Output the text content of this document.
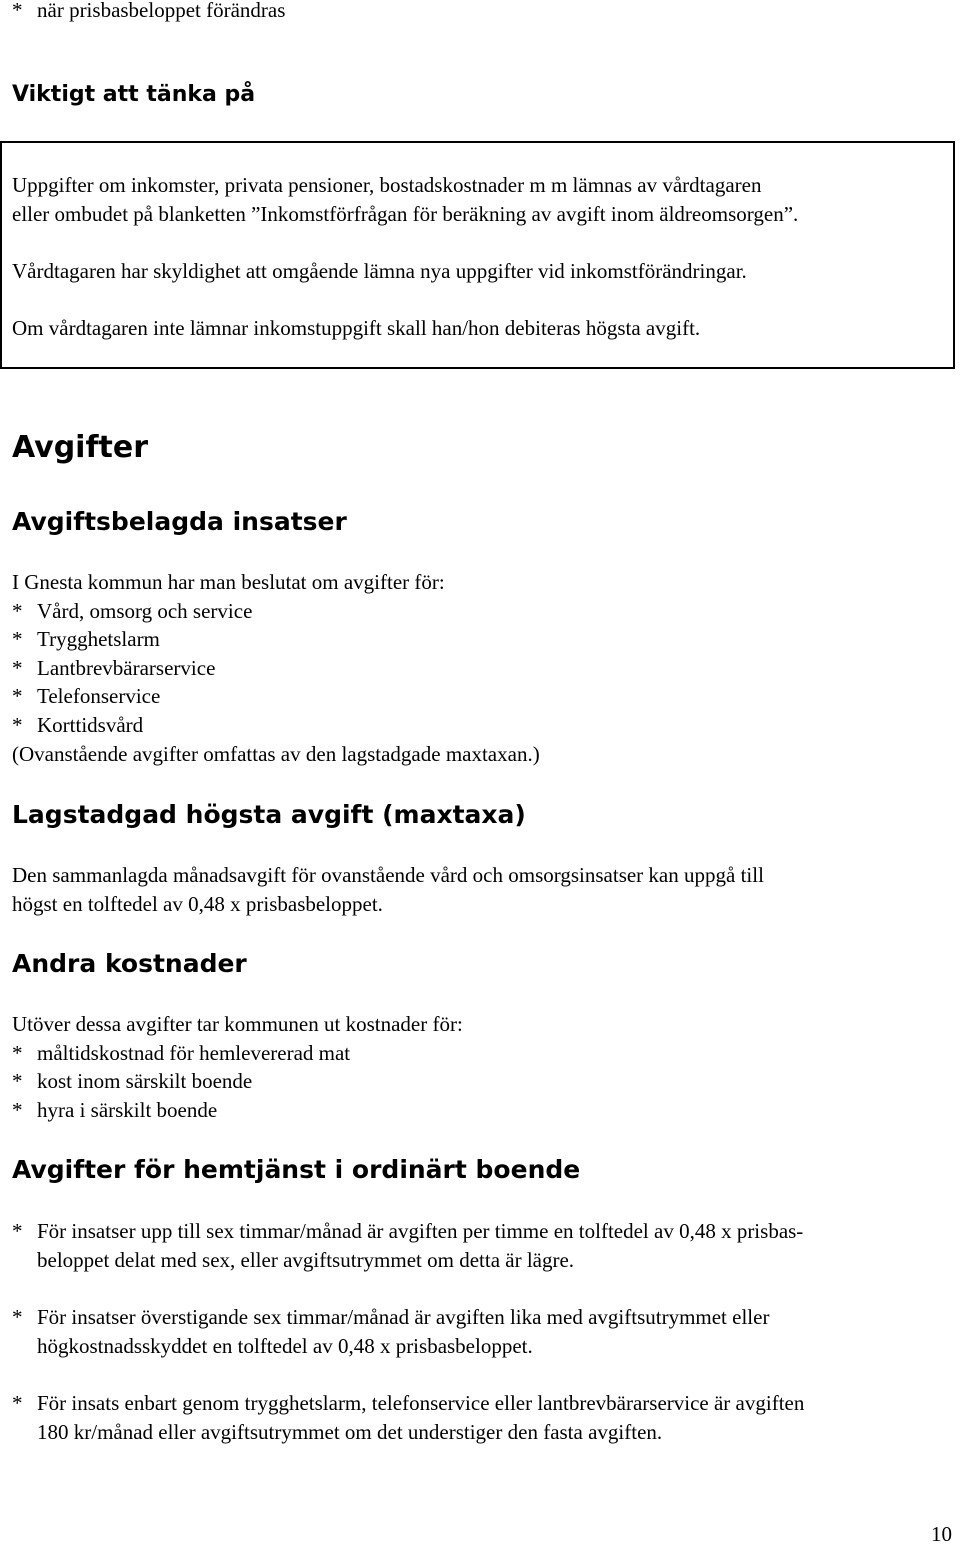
* när prisbasbeloppet förändras
Viktigt att tänka på
Uppgifter om inkomster, privata pensioner, bostadskostnader m m lämnas av vårdtagaren
eller ombudet på blanketten ”Inkomstförfrågan för beräkning av avgift inom äldreomsorgen”.
Vårdtagaren har skyldighet att omgående lämna nya uppgifter vid inkomstförändringar.
Om vårdtagaren inte lämnar inkomstuppgift skall han/hon debiteras högsta avgift.
Avgifter
Avgiftsbelagda insatser
I Gnesta kommun har man beslutat om avgifter för:
* Vård, omsorg och service
* Trygghetslarm
* Lantbrevbärarservice
* Telefonservice
* Korttidsvård
(Ovanstående avgifter omfattas av den lagstadgade maxtaxan.)
Lagstadgad högsta avgift (maxtaxa)
Den sammanlagda månadsavgift för ovanstående vård och omsorgsinsatser kan uppgå till
högst en tolftedel av 0,48 x prisbasbeloppet.
Andra kostnader
Utöver dessa avgifter tar kommunen ut kostnader för:
* måltidskostnad för hemlevererad mat
* kost inom särskilt boende
* hyra i särskilt boende
Avgifter för hemtjänst i ordinärt boende
* För insatser upp till sex timmar/månad är avgiften per timme en tolftedel av 0,48 x prisbas-
beloppet delat med sex, eller avgiftsutrymmet om detta är lägre.
* För insatser överstigande sex timmar/månad är avgiften lika med avgiftsutrymmet eller
högkostnadsskyddet en tolftedel av 0,48 x prisbasbeloppet.
* För insats enbart genom trygghetslarm, telefonservice eller lantbrevbärarservice är avgiften
180 kr/månad eller avgiftsutrymmet om det understiger den fasta avgiften.
10
